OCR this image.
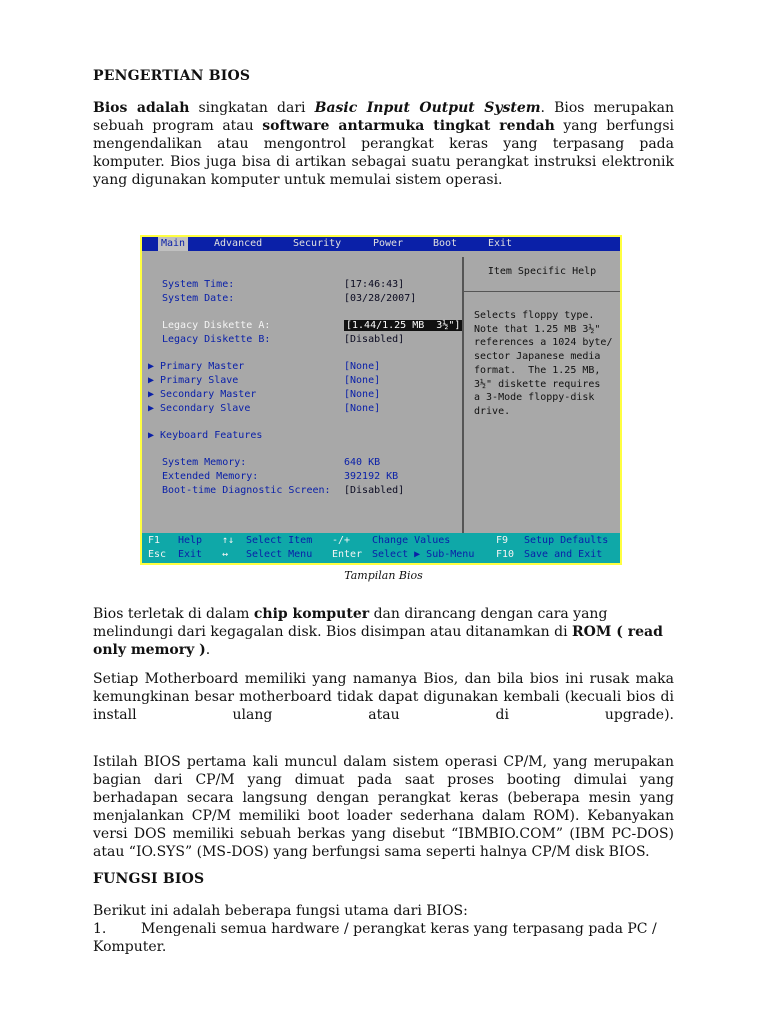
PENGERTIAN BIOS
Bios adalah singkatan dari Basic Input Output System. Bios merupakan sebuah program atau software antarmuka tingkat rendah yang berfungsi mengendalikan atau mengontrol perangkat keras yang terpasang pada komputer. Bios juga bisa di artikan sebagai suatu perangkat instruksi elektronik yang digunakan komputer untuk memulai sistem operasi.
Tampilan Bios
Bios terletak di dalam chip komputer dan dirancang dengan cara yang melindungi dari kegagalan disk. Bios disimpan atau ditanamkan di ROM ( read only memory ).
Setiap Motherboard memiliki yang namanya Bios, dan bila bios ini rusak maka kemungkinan besar motherboard tidak dapat digunakan kembali (kecuali bios di install ulang atau di upgrade).
Istilah BIOS pertama kali muncul dalam sistem operasi CP/M, yang merupakan bagian dari CP/M yang dimuat pada saat proses booting dimulai yang berhadapan secara langsung dengan perangkat keras (beberapa mesin yang menjalankan CP/M memiliki boot loader sederhana dalam ROM). Kebanyakan versi DOS memiliki sebuah berkas yang disebut “IBMBIO.COM” (IBM PC-DOS) atau “IO.SYS” (MS-DOS) yang berfungsi sama seperti halnya CP/M disk BIOS.
FUNGSI BIOS
Berikut ini adalah beberapa fungsi utama dari BIOS:
1. Mengenali semua hardware / perangkat keras yang terpasang pada PC / Komputer.
Main	Advanced	Security	Power	Boot	Exit
System Time:	[17:46:43]
System Date:	[03/28/2007]
Legacy Diskette A:	[1.44/1.25 MB  3½"]
Legacy Diskette B:	[Disabled]
▶ Primary Master	[None]
▶ Primary Slave	[None]
▶ Secondary Master	[None]
▶ Secondary Slave	[None]
▶ Keyboard Features
System Memory:	640 KB
Extended Memory:	392192 KB
Boot-time Diagnostic Screen: [Disabled]
Item Specific Help
Selects floppy type.
Note that 1.25 MB 3½"
references a 1024 byte/
sector Japanese media
format.  The 1.25 MB,
3½" diskette requires
a 3-Mode floppy-disk
drive.
F1 Help ↑↓ Select Item -/+ Change Values	F9 Setup Defaults
Esc Exit ↔ Select Menu Enter Select ▶ Sub-Menu F10 Save and Exit
